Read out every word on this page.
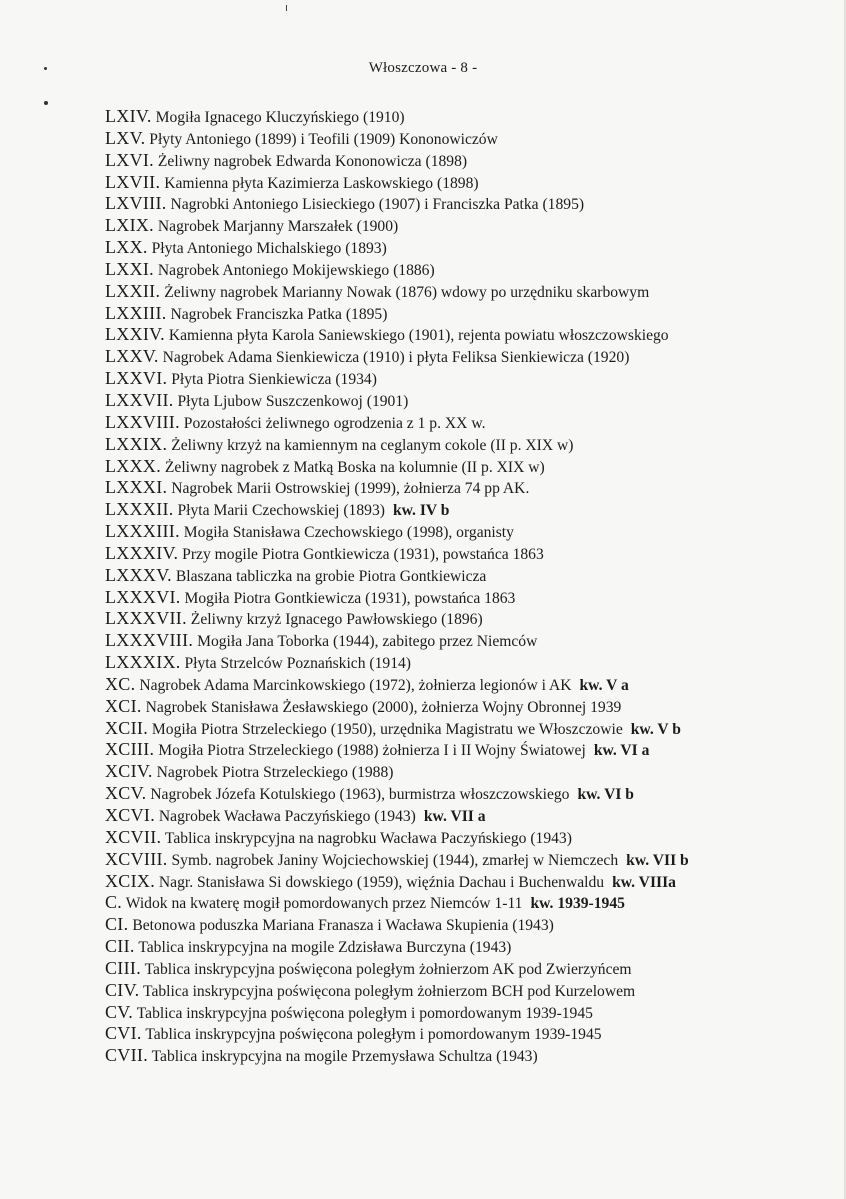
Włoszczowa - 8 -
LXIV. Mogiła Ignacego Kluczyńskiego (1910)
LXV. Płyty Antoniego (1899) i Teofili (1909) Kononowiczów
LXVI. Żeliwny nagrobek Edwarda Kononowicza (1898)
LXVII. Kamienna płyta Kazimierza Laskowskiego (1898)
LXVIII. Nagrobki Antoniego Lisieckiego (1907) i Franciszka Patka (1895)
LXIX. Nagrobek Marjanny Marszałek (1900)
LXX. Płyta Antoniego Michalskiego (1893)
LXXI. Nagrobek Antoniego Mokijewskiego (1886)
LXXII. Żeliwny nagrobek Marianny Nowak (1876) wdowy po urzędniku skarbowym
LXXIII. Nagrobek Franciszka Patka (1895)
LXXIV. Kamienna płyta Karola Saniewskiego (1901), rejenta powiatu włoszczowskiego
LXXV. Nagrobek Adama Sienkiewicza (1910) i płyta Feliksa Sienkiewicza (1920)
LXXVI. Płyta Piotra Sienkiewicza (1934)
LXXVII. Płyta Ljubow Suszczenkowoj (1901)
LXXVIII. Pozostałości żeliwnego ogrodzenia z 1 p. XX w.
LXXIX. Żeliwny krzyż na kamiennym na ceglanym cokole (II p. XIX w)
LXXX. Żeliwny nagrobek z Matką Boska na kolumnie (II p. XIX w)
LXXXI. Nagrobek Marii Ostrowskiej (1999), żołnierza 74 pp AK.
LXXXII. Płyta Marii Czechowskiej (1893) kw. IV b
LXXXIII. Mogiła Stanisława Czechowskiego (1998), organisty
LXXXIV. Przy mogile Piotra Gontkiewicza (1931), powstańca 1863
LXXXV. Blaszana tabliczka na grobie Piotra Gontkiewicza
LXXXVI. Mogiła Piotra Gontkiewicza (1931), powstańca 1863
LXXXVII. Żeliwny krzyż Ignacego Pawłowskiego (1896)
LXXXVIII. Mogiła Jana Toborka (1944), zabitego przez Niemców
LXXXIX. Płyta Strzelców Poznańskich (1914)
XC. Nagrobek Adama Marcinkowskiego (1972), żołnierza legionów i AK kw. V a
XCI. Nagrobek Stanisława Żesławskiego (2000), żołnierza Wojny Obronnej 1939
XCII. Mogiła Piotra Strzeleckiego (1950), urzędnika Magistratu we Włoszczowie kw. V b
XCIII. Mogiła Piotra Strzeleckiego (1988) żołnierza I i II Wojny Światowej kw. VI a
XCIV. Nagrobek Piotra Strzeleckiego (1988)
XCV. Nagrobek Józefa Kotulskiego (1963), burmistrza włoszczowskiego kw. VI b
XCVI. Nagrobek Wacława Paczyńskiego (1943) kw. VII a
XCVII. Tablica inskrypcyjna na nagrobku Wacława Paczyńskiego (1943)
XCVIII. Symb. nagrobek Janiny Wojciechowskiej (1944), zmarłej w Niemczech kw. VII b
XCIX. Nagr. Stanisława Si dowskiego (1959), więźnia Dachau i Buchenwaldu kw. VIIIa
C. Widok na kwaterę mogił pomordowanych przez Niemców 1-11 kw. 1939-1945
CI. Betonowa poduszka Mariana Franasza i Wacława Skupienia (1943)
CII. Tablica inskrypcyjna na mogile Zdzisława Burczyna (1943)
CIII. Tablica inskrypcyjna poświęcona poległym żołnierzom AK pod Zwierzyńcem
CIV. Tablica inskrypcyjna poświęcona poległym żołnierzom BCH pod Kurzelowem
CV. Tablica inskrypcyjna poświęcona poległym i pomordowanym 1939-1945
CVI. Tablica inskrypcyjna poświęcona poległym i pomordowanym 1939-1945
CVII. Tablica inskrypcyjna na mogile Przemysława Schultza (1943)
